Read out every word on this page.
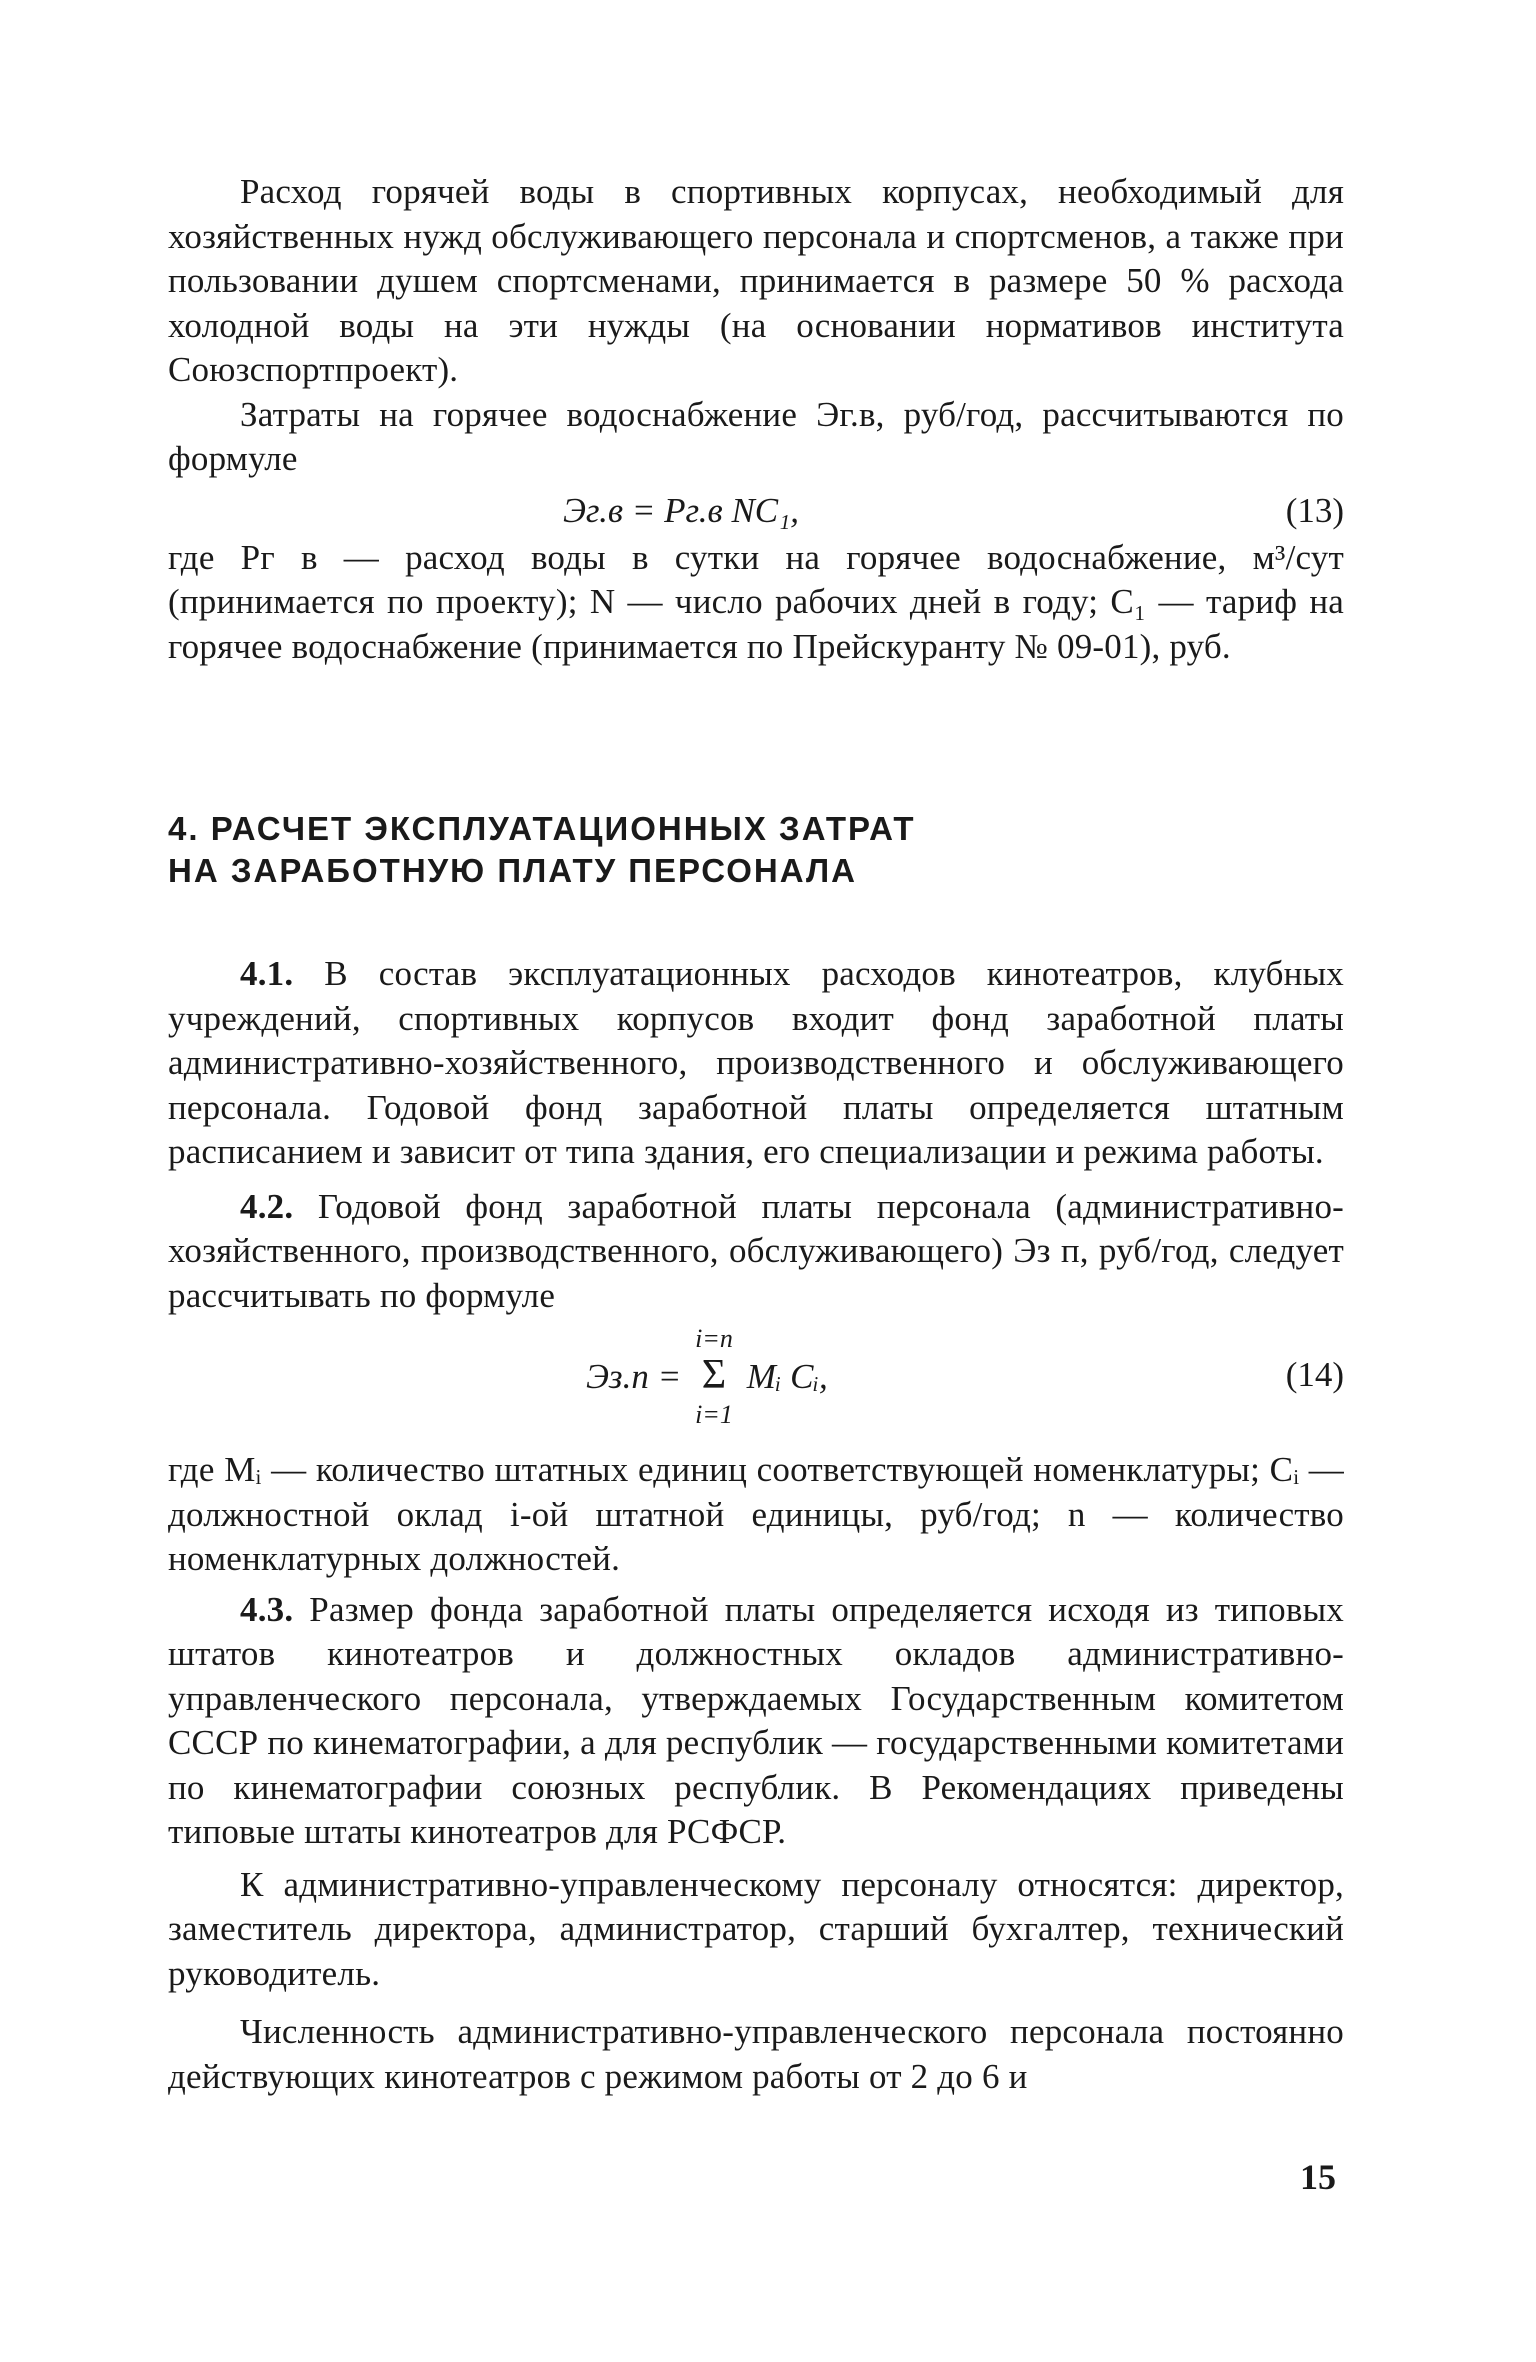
Расход горячей воды в спортивных корпусах, необходимый для хозяйственных нужд обслуживающего персонала и спортсменов, а также при пользовании душем спортсменами, принимается в размере 50 % расхода холодной воды на эти нужды (на основании нормативов института Союзспортпроект).

Затраты на горячее водоснабжение Эг.в, руб/год, рассчитываются по формуле

Эг.в = Рг.в NC₁,	(13)

где Рг в — расход воды в сутки на горячее водоснабжение, м³/сут (принимается по проекту); N — число рабочих дней в году; C₁ — тариф на горячее водоснабжение (принимается по Прейскуранту № 09-01), руб.

4. РАСЧЕТ ЭКСПЛУАТАЦИОННЫХ ЗАТРАТ
НА ЗАРАБОТНУЮ ПЛАТУ ПЕРСОНАЛА

4.1. В состав эксплуатационных расходов кинотеатров, клубных учреждений, спортивных корпусов входит фонд заработной платы административно-хозяйственного, производственного и обслуживающего персонала. Годовой фонд заработной платы определяется штатным расписанием и зависит от типа здания, его специализации и режима работы.

4.2. Годовой фонд заработной платы персонала (административно-хозяйственного, производственного, обслуживающего) Эз п, руб/год, следует рассчитывать по формуле

Эз.п =
i=n
Σ
i=1
Mᵢ Cᵢ,	(14)

где Mᵢ — количество штатных единиц соответствующей номенклатуры; Cᵢ — должностной оклад i-ой штатной единицы, руб/год; n — количество номенклатурных должностей.

4.3. Размер фонда заработной платы определяется исходя из типовых штатов кинотеатров и должностных окладов административно-управленческого персонала, утверждаемых Государственным комитетом СССР по кинематографии, а для республик — государственными комитетами по кинематографии союзных республик. В Рекомендациях приведены типовые штаты кинотеатров для РСФСР.

К административно-управленческому персоналу относятся: директор, заместитель директора, администратор, старший бухгалтер, технический руководитель.

Численность административно-управленческого персонала постоянно действующих кинотеатров с режимом работы от 2 до 6 и

15
